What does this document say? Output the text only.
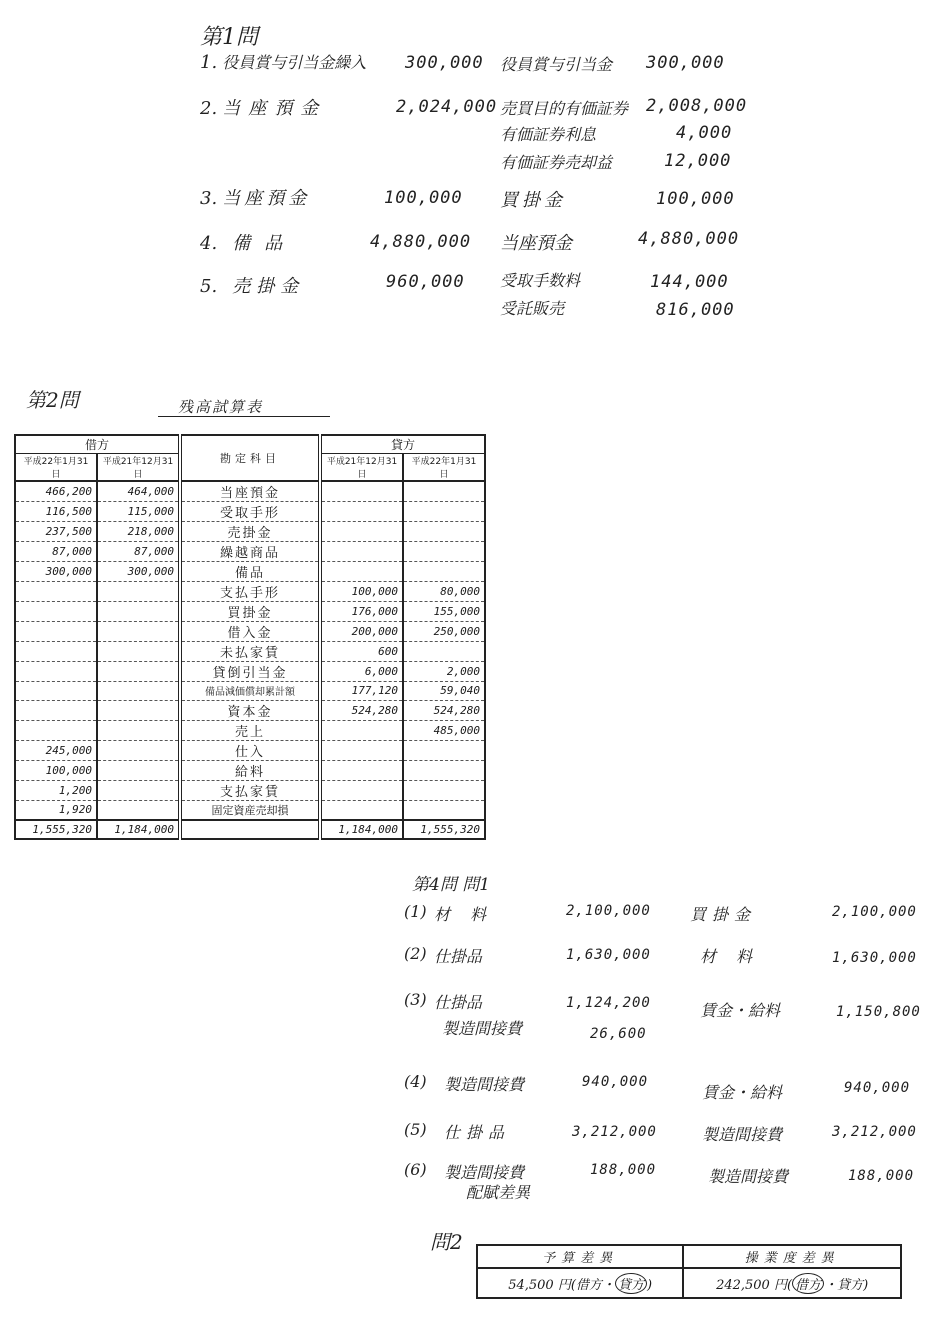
第1問
1. 役員賞与引当金繰入 300,000 役員賞与引当金 300,000
2. 当座預金	2,024,000 売買目的有価証券 2,008,000
有価証券利息	4,000
有価証券売却益	12,000
3. 当座預金	100,000 買掛金	100,000
4. 備品	4,880,000 当座預金	4,880,000
5. 売掛金	960,000 受取手数料	144,000
受託販売	816,000
第2問	残高試算表
借方		勘定科目	貸方	
平成22年1月31日	平成21年12月31日		平成21年12月31日	平成22年1月31日
466,200	464,000	当座預金		
116,500	115,000	受取手形		
237,500	218,000	売掛金		
87,000	87,000	繰越商品		
300,000	300,000	備品		
		支払手形	100,000	80,000
		買掛金	176,000	155,000
		借入金	200,000	250,000
		未払家賃	600	
		貸倒引当金	6,000	2,000
		備品減価償却累計額	177,120	59,040
		資本金	524,280	524,280
		売上		485,000
245,000		仕入		
100,000		給料		
1,200		支払家賃		
1,920		固定資産売却損		
1,555,320	1,184,000		1,184,000	1,555,320
第4問 問1
(1) 材料	2,100,000 買掛金	2,100,000
(2) 仕掛品	1,630,000	材料	1,630,000
(3) 仕掛品	1,124,200	賃金・給料	1,150,800
製造間接費	26,600
(4) 製造間接費	940,000
賃金・給料	940,000
(5) 仕掛品	3,212,000	製造間接費	3,212,000
(6) 製造間接費	188,000
配賦差異
製造間接費	188,000
問2
予算差異	操業度差異
54,500 円(借方・ 貸方 )	242,500 円( 借方 ・貸方)
